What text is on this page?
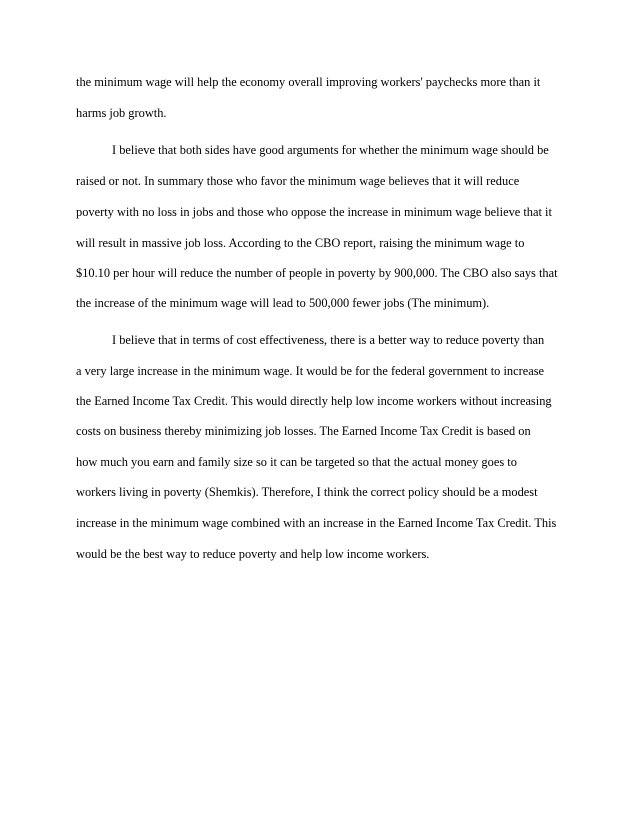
the minimum wage will help the economy overall improving workers' paychecks more than it

harms job growth.

I believe that both sides have good arguments for whether the minimum wage should be

raised or not. In summary those who favor the minimum wage believes that it will reduce

poverty with no loss in jobs and those who oppose the increase in minimum wage believe that it

will result in massive job loss. According to the CBO report, raising the minimum wage to

$10.10 per hour will reduce the number of people in poverty by 900,000. The CBO also says that

the increase of the minimum wage will lead to 500,000 fewer jobs (The minimum).

I believe that in terms of cost effectiveness, there is a better way to reduce poverty than

a very large increase in the minimum wage. It would be for the federal government to increase

the Earned Income Tax Credit. This would directly help low income workers without increasing

costs on business thereby minimizing job losses. The Earned Income Tax Credit is based on

how much you earn and family size so it can be targeted so that the actual money goes to

workers living in poverty (Shemkis). Therefore, I think the correct policy should be a modest

increase in the minimum wage combined with an increase in the Earned Income Tax Credit. This

would be the best way to reduce poverty and help low income workers.
